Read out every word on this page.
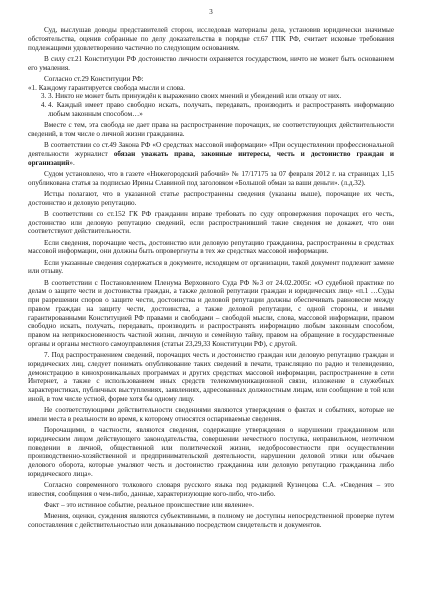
3

Суд, выслушав доводы представителей сторон, исследовав материалы дела, установив юридически значимые обстоятельства, оценив собранные по делу доказательства в порядке ст.67 ГПК РФ, считает исковые требования подлежащими удовлетворению частично по следующим основаниям.

В силу ст.21 Конституции РФ достоинство личности охраняется государством, ничто не может быть основанием его умаления.

Согласно ст.29 Конституции РФ:

«1. Каждому гарантируется свобода мысли и слова.

3. 3. Никто не может быть принуждён к выражению своих мнений и убеждений или отказу от них.
4. 4. Каждый имеет право свободно искать, получать, передавать, производить и распространять информацию любым законным способом…»

Вместе с тем, эта свобода не дает права на распространение порочащих, не соответствующих действительности сведений, в том числе о личной жизни гражданина.

В соответствии со ст.49 Закона РФ «О средствах массовой информации» «При осуществлении профессиональной деятельности журналист обязан уважать права, законные интересы, честь и достоинство граждан и организаций».

Судом установлено, что в газете «Нижегородский рабочий» № 17/17175 за 07 февраля 2012 г. на страницах 1,15 опубликована статья за подписью Ирины Славиной под заголовком «Большой обман за ваши деньги». (л.д.32).

Истцы полагают, что в указанной статье распространены сведения (указаны выше), порочащие их честь, достоинство и деловую репутацию.

В соответствии со ст.152 ГК РФ гражданин вправе требовать по суду опровержения порочащих его честь, достоинство или деловую репутацию сведений, если распространивший такие сведения не докажет, что они соответствуют действительности.

Если сведения, порочащие честь, достоинство или деловую репутацию гражданина, распространены в средствах массовой информации, они должны быть опровергнуты в тех же средствах массовой информации.

Если указанные сведения содержаться в документе, исходящем от организации, такой документ подлежит замене или отзыву.

В соответствии с Постановлением Пленума Верховного Суда РФ №3 от 24.02.2005г. «О судебной практике по делам о защите чести и достоинства граждан, а также деловой репутации граждан и юридических лиц» «п.1 …Суды при разрешении споров о защите чести, достоинства и деловой репутации должны обеспечивать равновесие между правом граждан на защиту чести, достоинства, а также деловой репутации, с одной стороны, и иными гарантированными Конституцией РФ правами и свободами – свободой мысли, слова, массовой информации, правом свободно искать, получать, передавать, производить и распространять информацию любым законным способом, правом на неприкосновенность частной жизни, личную и семейную тайну, правом на обращение в государственные органы и органы местного самоуправления (статьи 23,29,33 Конституции РФ), с другой.

7. Под распространением сведений, порочащих честь и достоинство граждан или деловую репутацию граждан и юридических лиц, следует понимать опубликование таких сведений в печати, трансляцию по радио и телевидению, демонстрацию в кинохроникальных программах и других средствах массовой информации, распространение в сети Интернет, а также с использованием иных средств телекоммуникационной связи, изложение в служебных характеристиках, публичных выступлениях, заявлениях, адресованных должностным лицам, или сообщение в той или иной, в том числе устной, форме хотя бы одному лицу.

Не соответствующими действительности сведениями являются утверждения о фактах и событиях, которые не имели места в реальности во время, к которому относятся оспариваемые сведения.

Порочащими, в частности, являются сведения, содержащие утверждения о нарушении гражданином или юридическим лицом действующего законодательства, совершении нечестного поступка, неправильном, неэтичном поведении в личной, общественной или политической жизни, недобросовестности при осуществлении производственно-хозяйственной и предпринимательской деятельности, нарушении деловой этики или обычаев делового оборота, которые умаляют честь и достоинство гражданина или деловую репутацию гражданина либо юридического лица».

Согласно современного толкового словаря русского языка под редакцией Кузнецова С.А. «Сведения – это известия, сообщения о чем-либо, данные, характеризующие кого-либо, что-либо.

Факт – это истинное событие, реальное происшествие или явление».

Мнения, оценки, суждения являются субъективными, в полному не доступны непосредственной проверке путем сопоставления с действительностью или доказыванию посредством свидетельств и документов.
